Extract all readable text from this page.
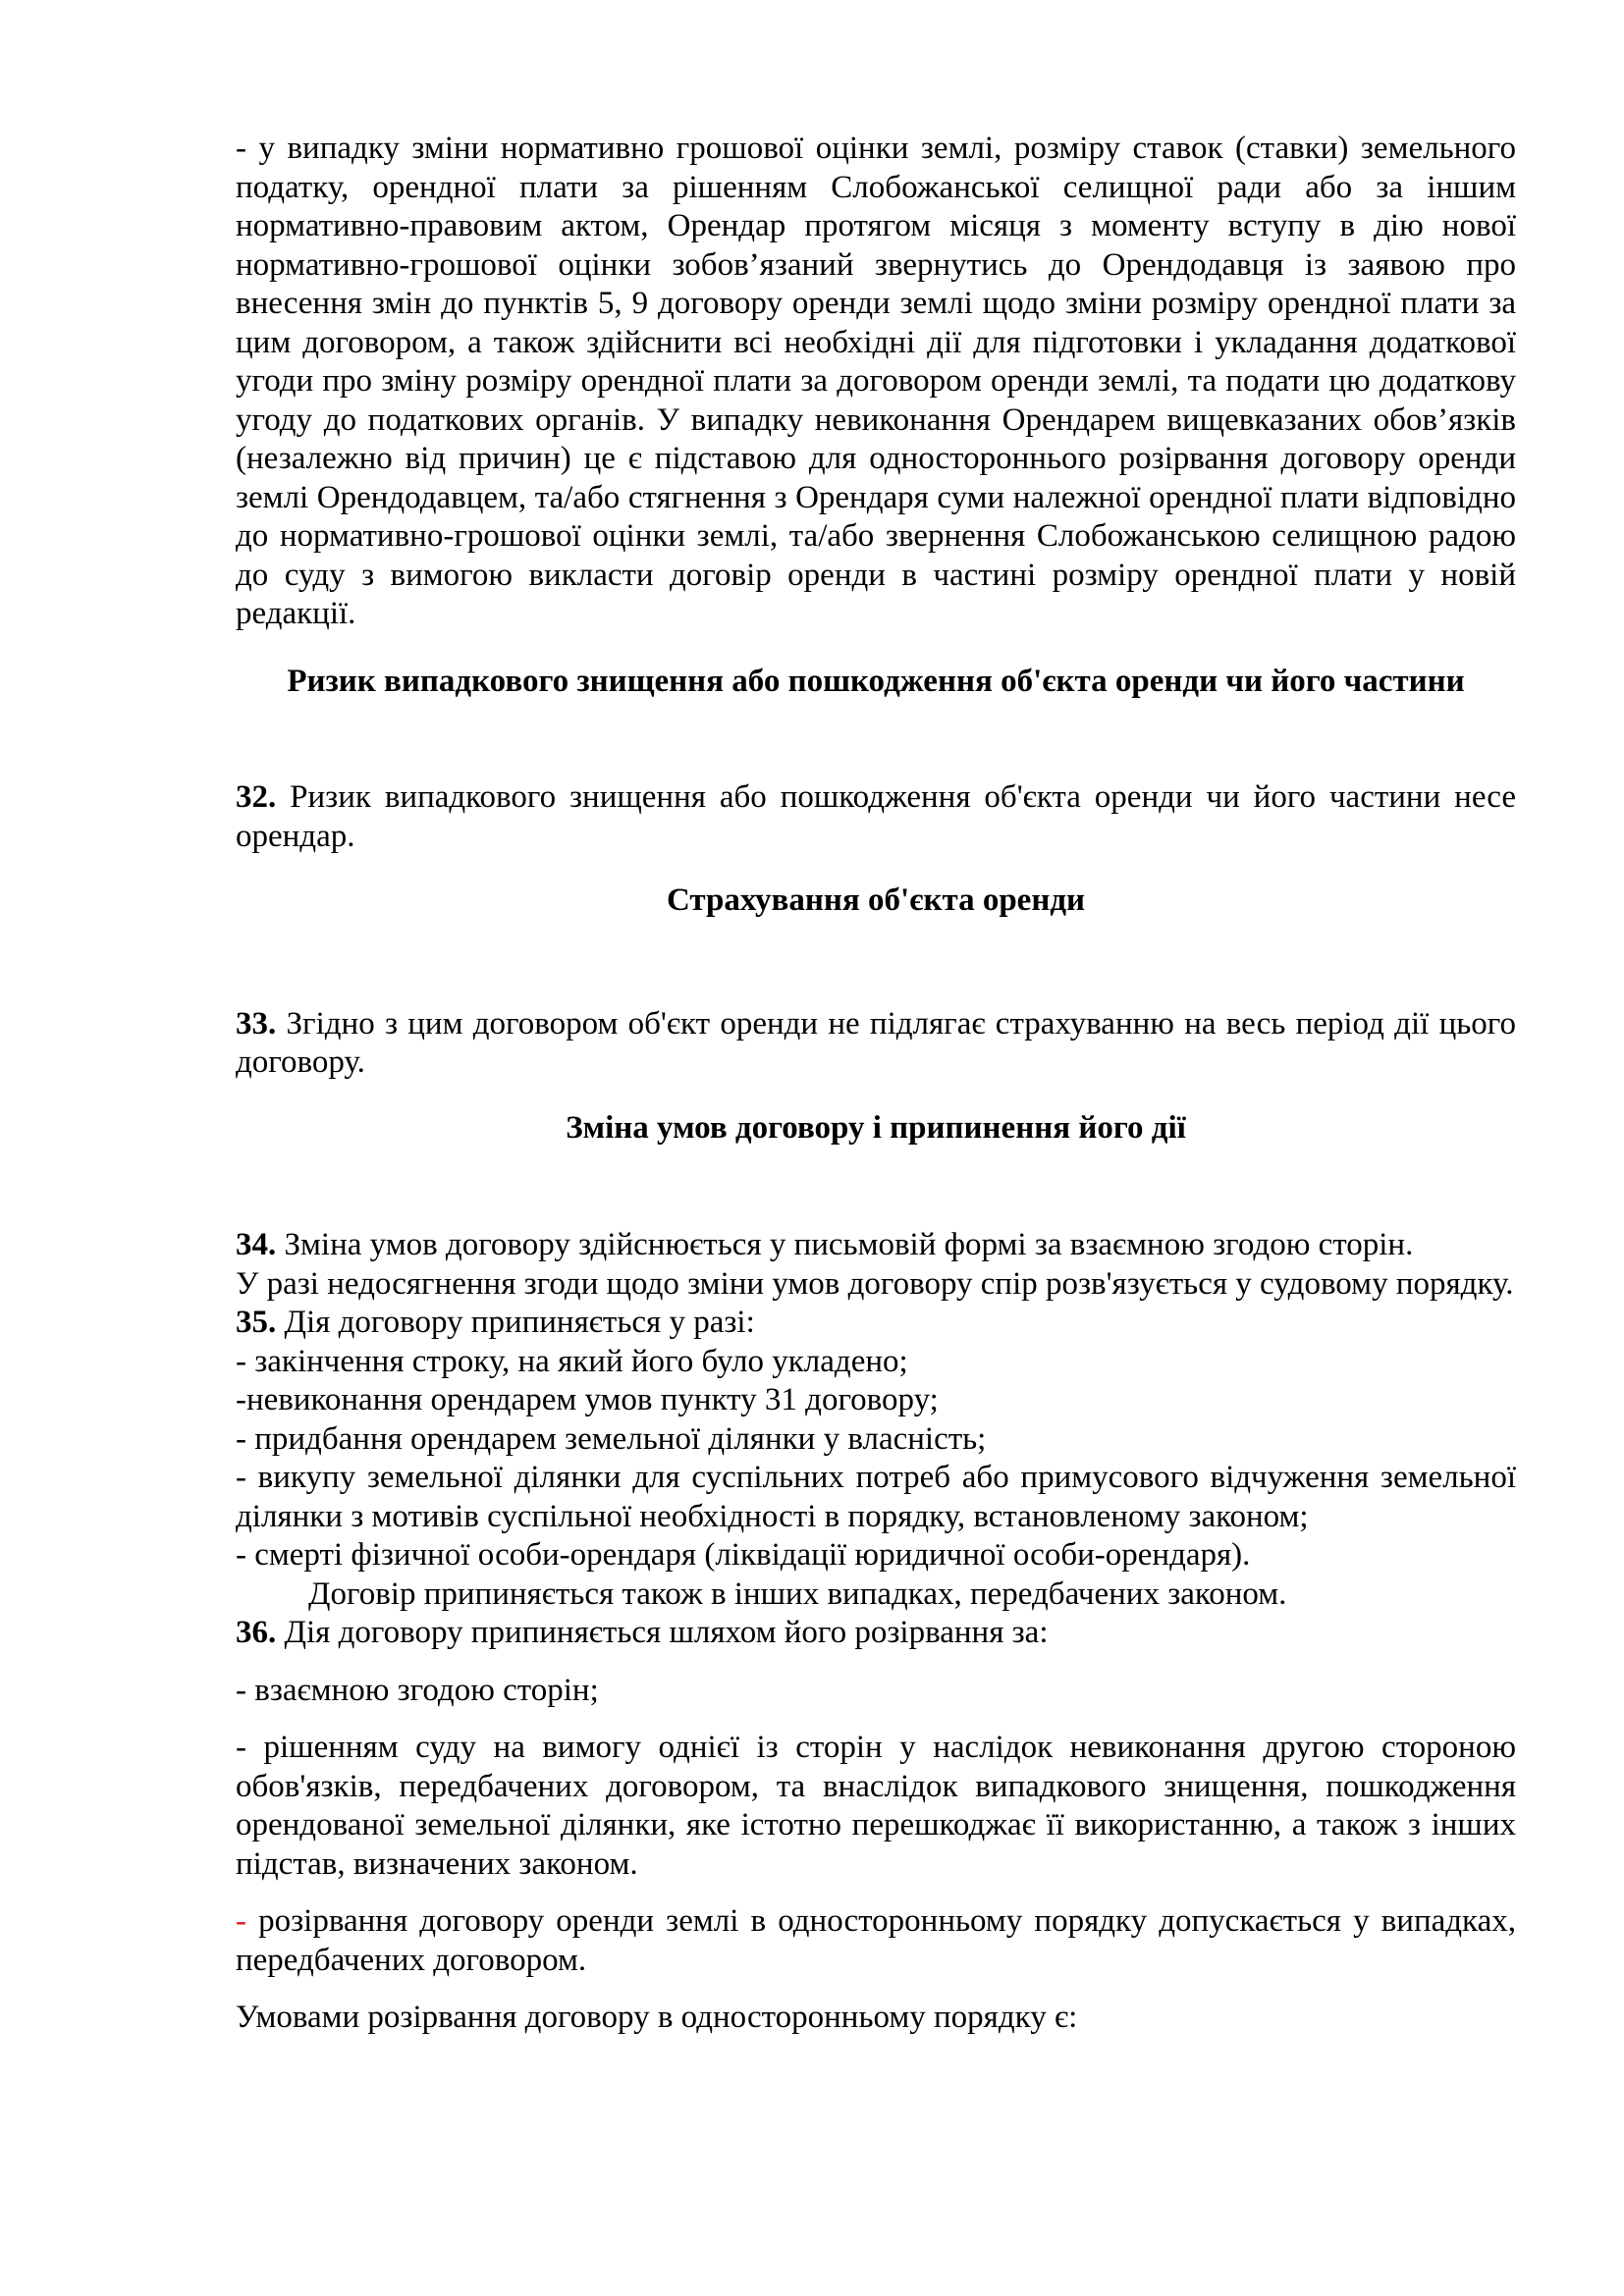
- у випадку зміни нормативно грошової оцінки землі, розміру ставок (ставки) земельного податку, орендної плати за рішенням Слобожанської селищної ради або за іншим нормативно-правовим актом, Орендар протягом місяця з моменту вступу в дію нової нормативно-грошової оцінки зобов’язаний звернутись до Орендодавця із заявою про внесення змін до пунктів 5, 9 договору оренди землі щодо зміни розміру орендної плати за цим договором, а також здійснити всі необхідні дії для підготовки і укладання додаткової угоди про зміну розміру орендної плати за договором оренди землі, та подати цю додаткову угоду до податкових органів. У випадку невиконання Орендарем вищевказаних обов’язків (незалежно від причин) це є підставою для одностороннього розірвання договору оренди землі Орендодавцем, та/або стягнення з Орендаря суми належної орендної плати відповідно до нормативно-грошової оцінки землі, та/або звернення Слобожанською селищною радою до суду з вимогою викласти договір оренди в частині розміру орендної плати у новій редакції.

Ризик випадкового знищення або пошкодження об'єкта оренди чи його частини

32. Ризик випадкового знищення або пошкодження об'єкта оренди чи його частини несе орендар.

Страхування об'єкта оренди

33. Згідно з цим договором об'єкт оренди не підлягає страхуванню на весь період дії цього договору.

Зміна умов договору і припинення його дії

34. Зміна умов договору здійснюється у письмовій формі за взаємною згодою сторін.

У разі недосягнення згоди щодо зміни умов договору спір розв'язується у судовому порядку.

35. Дія договору припиняється у разі:

- закінчення строку, на який його було укладено;

-невиконання орендарем умов пункту 31 договору;

- придбання орендарем земельної ділянки у власність;

- викупу земельної ділянки для суспільних потреб або примусового відчуження земельної ділянки з мотивів суспільної необхідності в порядку, встановленому законом;

- смерті фізичної особи-орендаря (ліквідації юридичної особи-орендаря).

Договір припиняється також в інших випадках, передбачених законом.

36. Дія договору припиняється шляхом його розірвання за:

- взаємною згодою сторін;

- рішенням суду на вимогу однієї із сторін у наслідок невиконання другою стороною обов'язків, передбачених договором, та внаслідок випадкового знищення, пошкодження орендованої земельної ділянки, яке істотно перешкоджає її використанню, а також з інших підстав, визначених законом.

- розірвання договору оренди землі в односторонньому порядку допускається у випадках, передбачених договором.

Умовами розірвання договору в односторонньому порядку є:
